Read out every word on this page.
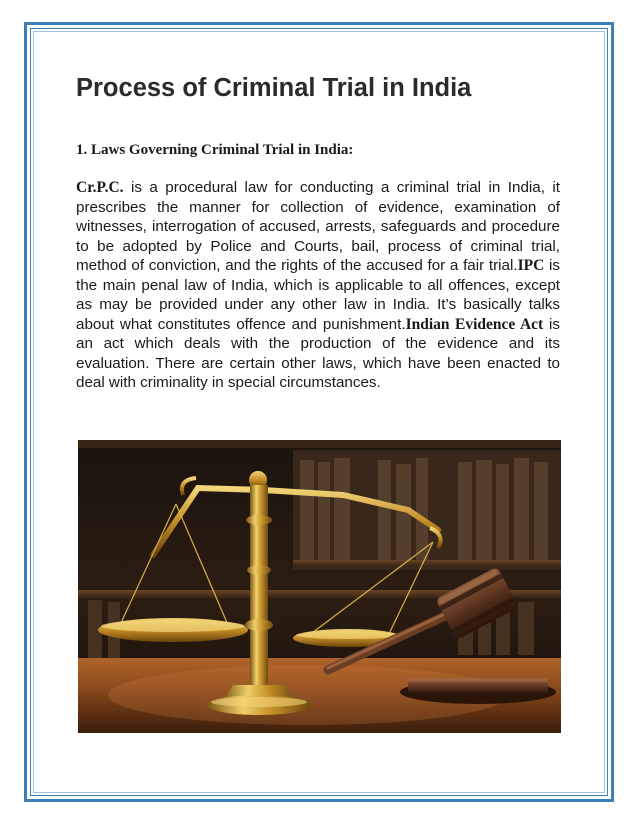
Process of Criminal Trial in India
1. Laws Governing Criminal Trial in India:

Cr.P.C. is a procedural law for conducting a criminal trial in India, it prescribes the manner for collection of evidence, examination of witnesses, interrogation of accused, arrests, safeguards and procedure to be adopted by Police and Courts, bail, process of criminal trial, method of conviction, and the rights of the accused for a fair trial.IPC is the main penal law of India, which is applicable to all offences, except as may be provided under any other law in India. It’s basically talks about what constitutes offence and punishment.Indian Evidence Act is an act which deals with the production of the evidence and its evaluation. There are certain other laws, which have been enacted to deal with criminality in special circumstances.
